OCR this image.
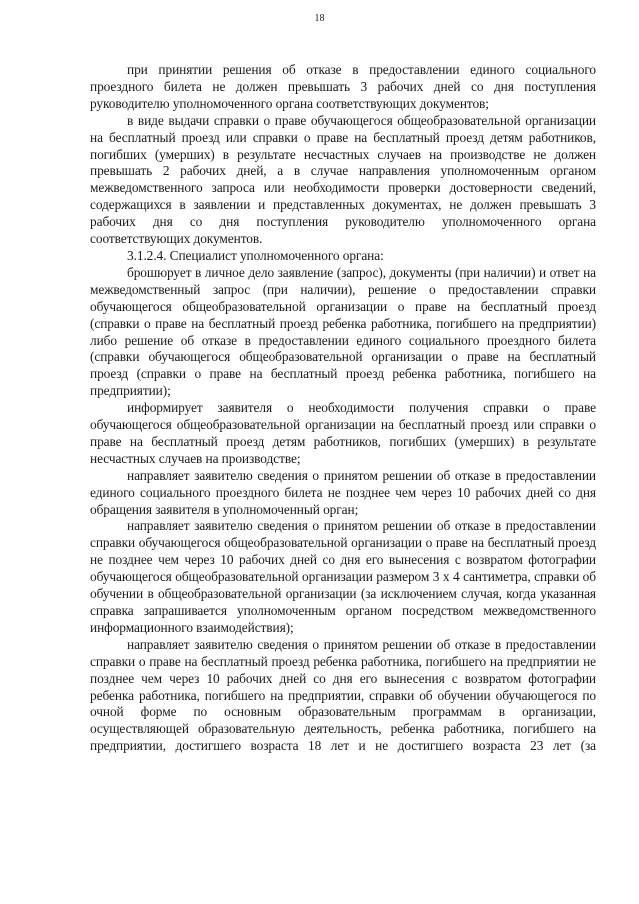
18

при принятии решения об отказе в предоставлении единого социального проездного билета не должен превышать 3 рабочих дней со дня поступления руководителю уполномоченного органа соответствующих документов;

в виде выдачи справки о праве обучающегося общеобразовательной организации на бесплатный проезд или справки о праве на бесплатный проезд детям работников, погибших (умерших) в результате несчастных случаев на производстве не должен превышать 2 рабочих дней, а в случае направления уполномоченным органом межведомственного запроса или необходимости проверки достоверности сведений, содержащихся в заявлении и представленных документах, не должен превышать 3 рабочих дня со дня поступления руководителю уполномоченного органа соответствующих документов.

3.1.2.4. Специалист уполномоченного органа:

брошюрует в личное дело заявление (запрос), документы (при наличии) и ответ на межведомственный запрос (при наличии), решение о предоставлении справки обучающегося общеобразовательной организации о праве на бесплатный проезд (справки о праве на бесплатный проезд ребенка работника, погибшего на предприятии) либо решение об отказе в предоставлении единого социального проездного билета (справки обучающегося общеобразовательной организации о праве на бесплатный проезд (справки о праве на бесплатный проезд ребенка работника, погибшего на предприятии);

информирует заявителя о необходимости получения справки о праве обучающегося общеобразовательной организации на бесплатный проезд или справки о праве на бесплатный проезд детям работников, погибших (умерших) в результате несчастных случаев на производстве;

направляет заявителю сведения о принятом решении об отказе в предоставлении единого социального проездного билета не позднее чем через 10 рабочих дней со дня обращения заявителя в уполномоченный орган;

направляет заявителю сведения о принятом решении об отказе в предоставлении справки обучающегося общеобразовательной организации о праве на бесплатный проезд не позднее чем через 10 рабочих дней со дня его вынесения с возвратом фотографии обучающегося общеобразовательной организации размером 3 х 4 сантиметра, справки об обучении в общеобразовательной организации (за исключением случая, когда указанная справка запрашивается уполномоченным органом посредством межведомственного информационного взаимодействия);

направляет заявителю сведения о принятом решении об отказе в предоставлении справки о праве на бесплатный проезд ребенка работника, погибшего на предприятии не позднее чем через 10 рабочих дней со дня его вынесения с возвратом фотографии ребенка работника, погибшего на предприятии, справки об обучении обучающегося по очной форме по основным образовательным программам в организации, осуществляющей образовательную деятельность, ребенка работника, погибшего на предприятии, достигшего возраста 18 лет и не достигшего возраста 23 лет (за
